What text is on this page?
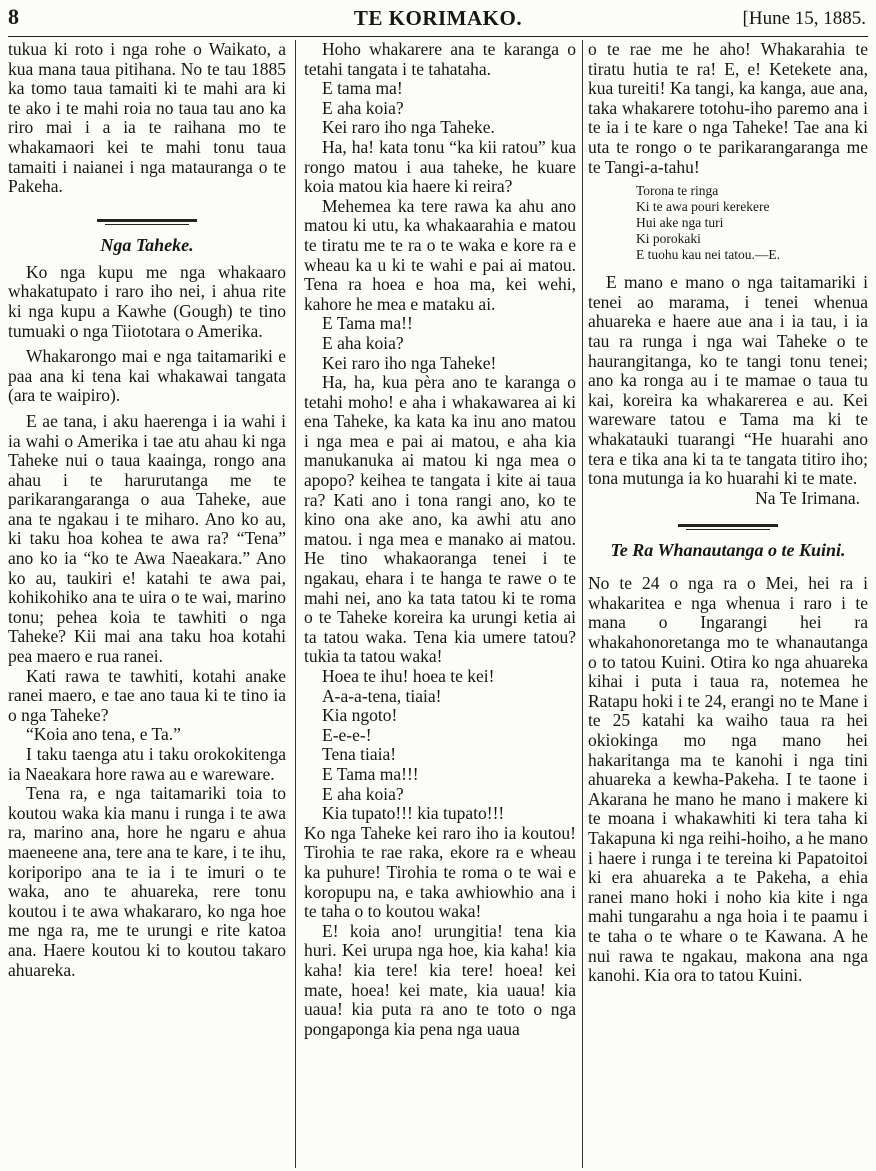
8	TE KORIMAKO.	[Hune 15, 1885.

tukua ki roto i nga rohe o Waikato, a kua mana taua pitihana. No te tau 1885 ka tomo taua tamaiti ki te mahi ara ki te ako i te mahi roia no taua tau ano ka riro mai i a ia te raihana mo te whakamaori kei te mahi tonu taua tamaiti i naianei i nga matauranga o te Pakeha.

Nga Taheke.

Ko nga kupu me nga whakaaro whakatupato i raro iho nei, i ahua rite ki nga kupu a Kawhe (Gough) te tino tumuaki o nga Tiiototara o Amerika.

Whakarongo mai e nga taitamariki e paa ana ki tena kai whakawai tangata (ara te waipiro).

E ae tana, i aku haerenga i ia wahi i ia wahi o Amerika i tae atu ahau ki nga Taheke nui o taua kaainga, rongo ana ahau i te harurutanga me te parikarangaranga o aua Taheke, aue ana te ngakau i te miharo. Ano ko au, ki taku hoa kohea te awa ra? “Tena” ano ko ia “ko te Awa Naeakara.” Ano ko au, taukiri e! katahi te awa pai, kohikohiko ana te uira o te wai, marino tonu; pehea koia te tawhiti o nga Taheke? Kii mai ana taku hoa kotahi pea maero e rua ranei.

Kati rawa te tawhiti, kotahi anake ranei maero, e tae ano taua ki te tino ia o nga Taheke?

“Koia ano tena, e Ta.”

I taku taenga atu i taku orokokitenga ia Naeakara hore rawa au e wareware.

Tena ra, e nga taitamariki toia to koutou waka kia manu i runga i te awa ra, marino ana, hore he ngaru e ahua maeneene ana, tere ana te kare, i te ihu, koriporipo ana te ia i te imuri o te waka, ano te ahuareka, rere tonu koutou i te awa whakararo, ko nga hoe me nga ra, me te urungi e rite katoa ana. Haere koutou ki to koutou takaro ahuareka.

Hoho whakarere ana te karanga o tetahi tangata i te tahataha.

E tama ma!

E aha koia?

Kei raro iho nga Taheke.

Ha, ha! kata tonu “ka kii ratou” kua rongo matou i aua taheke, he kuare koia matou kia haere ki reira?

Mehemea ka tere rawa ka ahu ano matou ki utu, ka whakaarahia e matou te tiratu me te ra o te waka e kore ra e wheau ka u ki te wahi e pai ai matou. Tena ra hoea e hoa ma, kei wehi, kahore he mea e mataku ai.

E Tama ma!!

E aha koia?

Kei raro iho nga Taheke!

Ha, ha, kua pèra ano te karanga o tetahi moho! e aha i whakawarea ai ki ena Taheke, ka kata ka inu ano matou i nga mea e pai ai matou, e aha kia manukanuka ai matou ki nga mea o apopo? keihea te tangata i kite ai taua ra? Kati ano i tona rangi ano, ko te kino ona ake ano, ka awhi atu ano matou. i nga mea e manako ai matou. He tino whakaoranga tenei i te ngakau, ehara i te hanga te rawe o te mahi nei, ano ka tata tatou ki te roma o te Taheke koreira ka urungi ketia ai ta tatou waka. Tena kia umere tatou? tukia ta tatou waka!

Hoea te ihu! hoea te kei!

A-a-a-tena, tiaia!

Kia ngoto!

E-e-e-!

Tena tiaia!

E Tama ma!!!

E aha koia?

Kia tupato!!! kia tupato!!!

Ko nga Taheke kei raro iho ia koutou! Tirohia te rae raka, ekore ra e wheau ka puhure! Tirohia te roma o te wai e koropupu na, e taka awhiowhio ana i te taha o to koutou waka!

E! koia ano! urungitia! tena kia huri. Kei urupa nga hoe, kia kaha! kia kaha! kia tere! kia tere! hoea! kei mate, hoea! kei mate, kia uaua! kia uaua! kia puta ra ano te toto o nga pongaponga kia pena nga uaua

o te rae me he aho! Whakarahia te tiratu hutia te ra! E, e! Ketekete ana, kua tureiti! Ka tangi, ka kanga, aue ana, taka whakarere totohu-iho paremo ana i te ia i te kare o nga Taheke! Tae ana ki uta te rongo o te parikarangaranga me te Tangi-a-tahu!

Torona te ringa
Ki te awa pouri kerekere
Hui ake nga turi
Ki porokaki
E tuohu kau nei tatou.—E.

E mano e mano o nga taitamariki i tenei ao marama, i tenei whenua ahuareka e haere aue ana i ia tau, i ia tau ra runga i nga wai Taheke o te haurangitanga, ko te tangi tonu tenei; ano ka ronga au i te mamae o taua tu kai, koreira ka whakarerea e au. Kei wareware tatou e Tama ma ki te whakatauki tuarangi “He huarahi ano tera e tika ana ki ta te tangata titiro iho; tona mutunga ia ko huarahi ki te mate.

Na Te Irimana.

Te Ra Whanautanga o te Kuini.

No te 24 o nga ra o Mei, hei ra i whakaritea e nga whenua i raro i te mana o Ingarangi hei ra whakahonoretanga mo te whanautanga o to tatou Kuini. Otira ko nga ahuareka kihai i puta i taua ra, notemea he Ratapu hoki i te 24, erangi no te Mane i te 25 katahi ka waiho taua ra hei okiokinga mo nga mano hei hakaritanga ma te kanohi i nga tini ahuareka a kewha-Pakeha. I te taone i Akarana he mano he mano i makere ki te moana i whakawhiti ki tera taha ki Takapuna ki nga reihi-hoiho, a he mano i haere i runga i te tereina ki Papatoitoi ki era ahuareka a te Pakeha, a ehia ranei mano hoki i noho kia kite i nga mahi tungarahu a nga hoia i te paamu i te taha o te whare o te Kawana. A he nui rawa te ngakau, makona ana nga kanohi. Kia ora to tatou Kuini.
